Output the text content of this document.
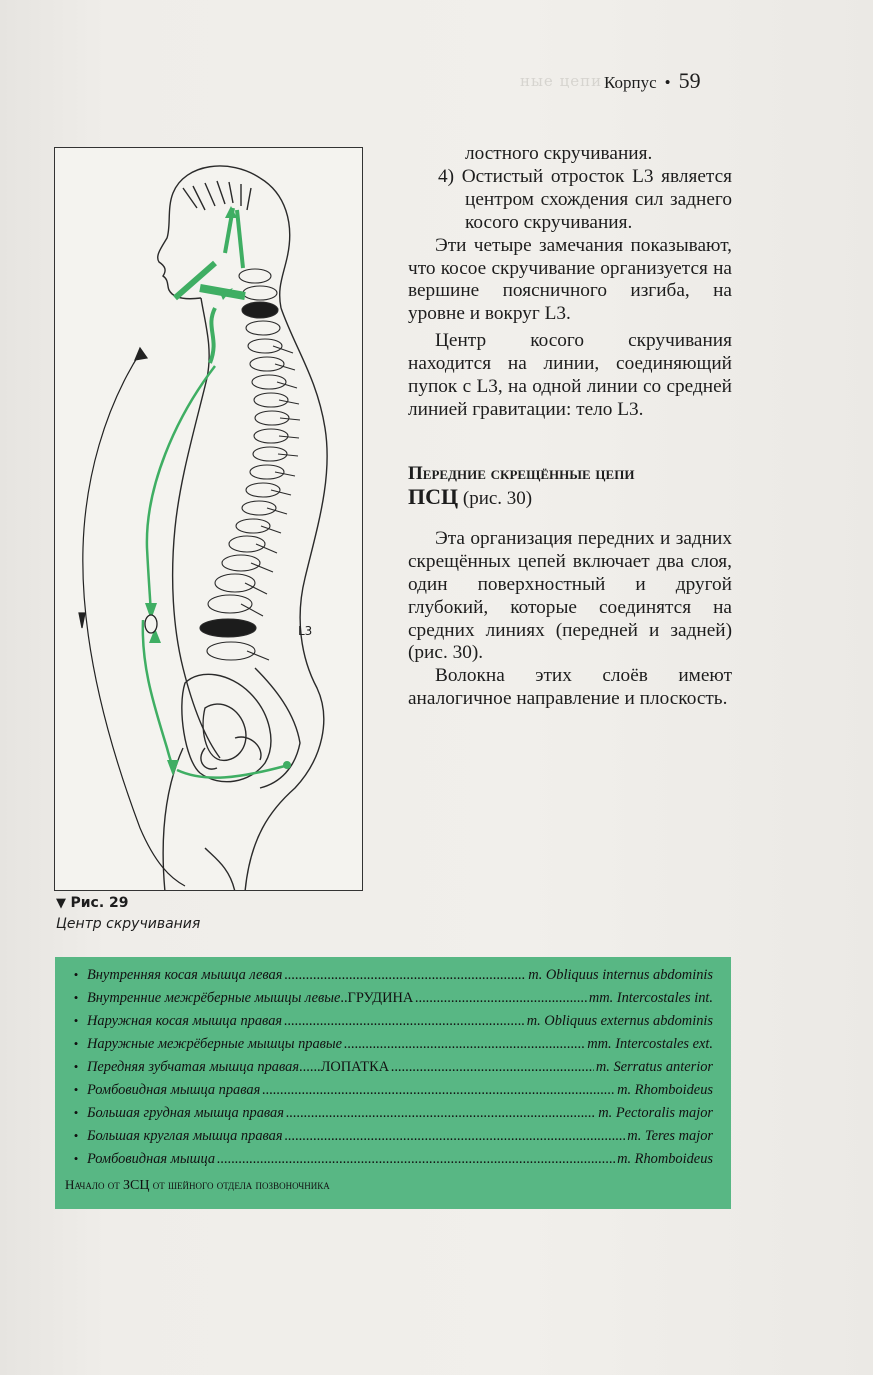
ные цепи Корпус • 59
L3
▼ Рис. 29
Центр скручивания

лостного скручивания.

4) Остистый отросток L3 является центром схождения сил заднего косого скручивания.

Эти четыре замечания показывают, что косое скручивание организуется на вершине поясничного изгиба, на уровне и вокруг L3.

Центр косого скручивания находится на линии, соединяющий пупок с L3, на одной линии со средней линией гравитации: тело L3.

Передние скрещённые цепи
ПСЦ (рис. 30)

Эта организация передних и задних скрещённых цепей включает два слоя, один поверхностный и другой глубокий, которые соединятся на средних линиях (передней и задней) (рис. 30).

Волокна этих слоёв имеют аналогичное направление и плоскость.

• Внутренняя косая мышца левая .....	m. Obliquus internus abdominis
• Внутренние межрёберные мышцы левые ..ГРУДИНА .....	mm. Intercostales int.
• Наружная косая мышца правая .....	m. Obliquus externus abdominis
• Наружные межрёберные мышцы правые .....	mm. Intercostales ext.
• Передняя зубчатая мышца правая ......ЛОПАТКА .....	m. Serratus anterior
• Ромбовидная мышца правая .....	m. Rhomboideus
• Большая грудная мышца правая .....	m. Pectoralis major
• Большая круглая мышца правая .....	m. Teres major
• Ромбовидная мышца .....	m. Rhomboideus
Начало от ЗСЦ от шейного отдела позвоночника
